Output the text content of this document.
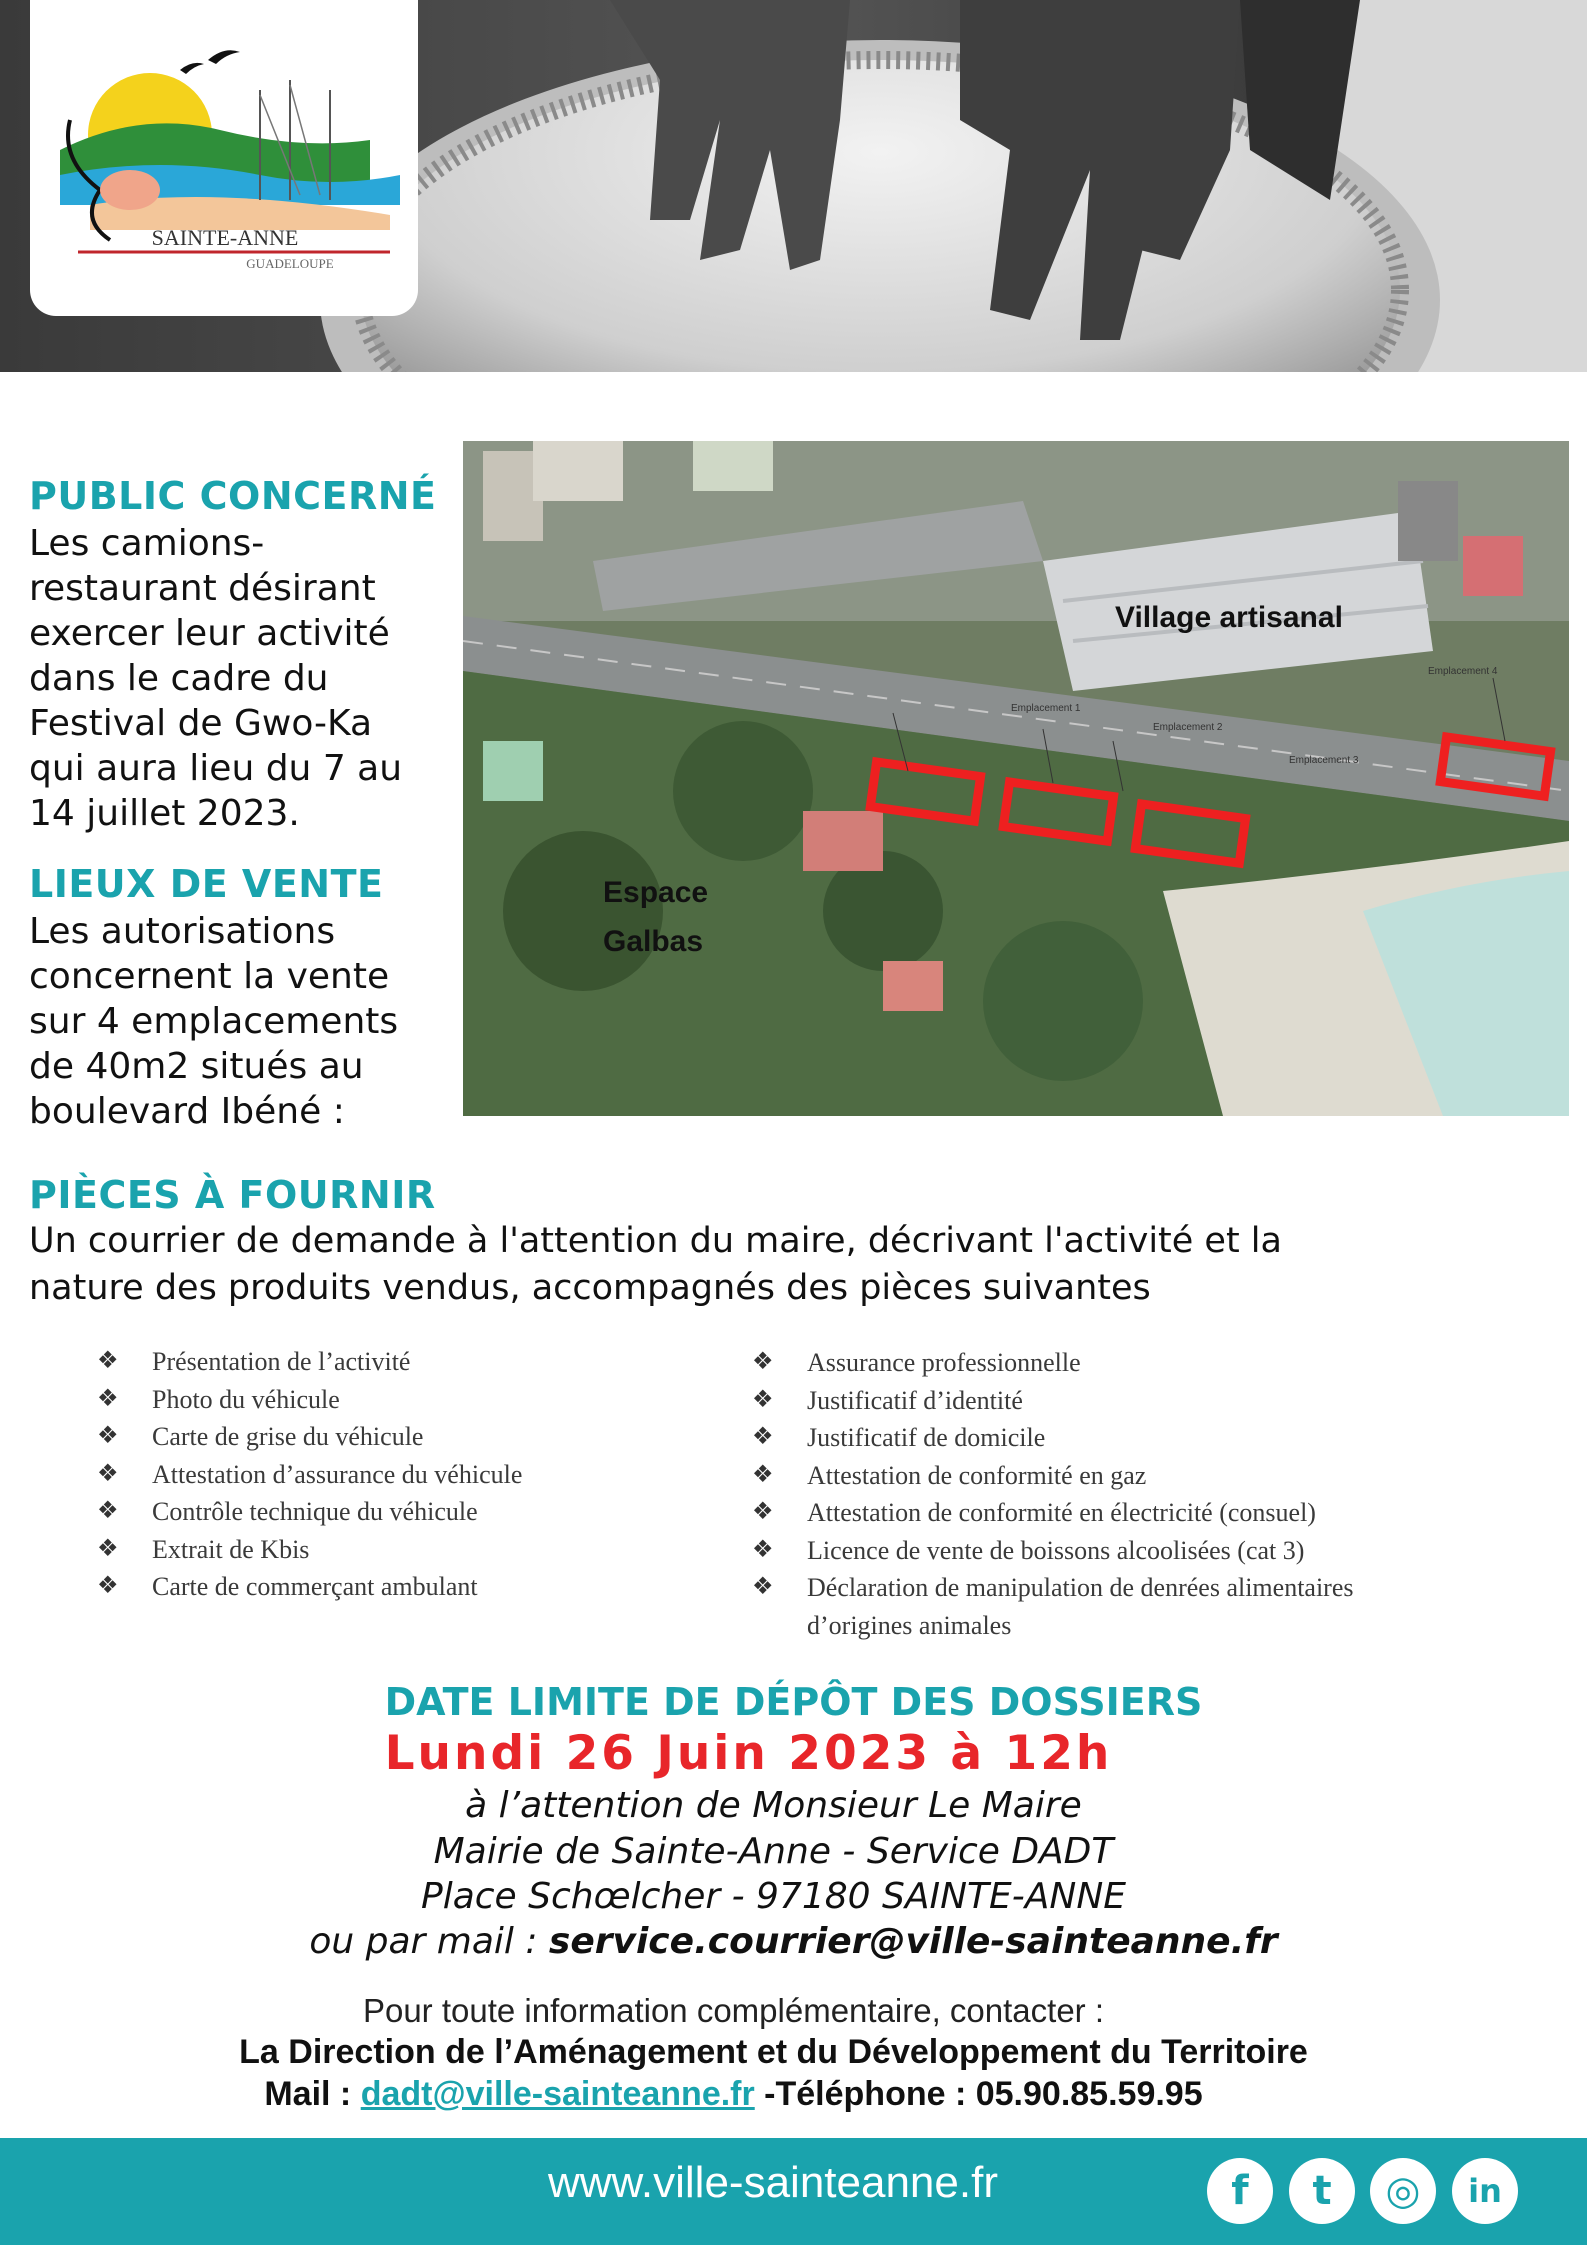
SAINTE-ANNE
GUADELOUPE
PUBLIC CONCERNÉ
Les camions-
restaurant désirant
exercer leur activité
dans le cadre du
Festival de Gwo-Ka
qui aura lieu du 7 au
14 juillet 2023.
LIEUX DE VENTE
Les autorisations
concernent la vente
sur 4 emplacements
de 40m2 situés au
boulevard Ibéné :
Village artisanal
Espace
Galbas
Emplacement 1
Emplacement 2
Emplacement 3
Emplacement 4
PIÈCES À FOURNIR
Un courrier de demande à l'attention du maire, décrivant l'activité et la
nature des produits vendus, accompagnés des pièces suivantes
❖ Présentation de l’activité
❖ Photo du véhicule
❖ Carte de grise du véhicule
❖ Attestation d’assurance du véhicule
❖ Contrôle technique du véhicule
❖ Extrait de Kbis
❖ Carte de commerçant ambulant
❖ Assurance professionnelle
❖ Justificatif d’identité
❖ Justificatif de domicile
❖ Attestation de conformité en gaz
❖ Attestation de conformité en électricité (consuel)
❖ Licence de vente de boissons alcoolisées (cat 3)
❖ Déclaration de manipulation de denrées alimentaires
d’origines animales
DATE LIMITE DE DÉPÔT DES DOSSIERS
Lundi 26 Juin 2023 à 12h
à l’attention de Monsieur Le Maire
Mairie de Sainte-Anne - Service DADT
Place Schœlcher - 97180 SAINTE-ANNE
ou par mail : service.courrier@ville-sainteanne.fr
Pour toute information complémentaire, contacter :
La Direction de l’Aménagement et du Développement du Territoire
Mail : dadt@ville-sainteanne.fr -Téléphone : 05.90.85.59.95
www.ville-sainteanne.fr	f	t	◎	in
